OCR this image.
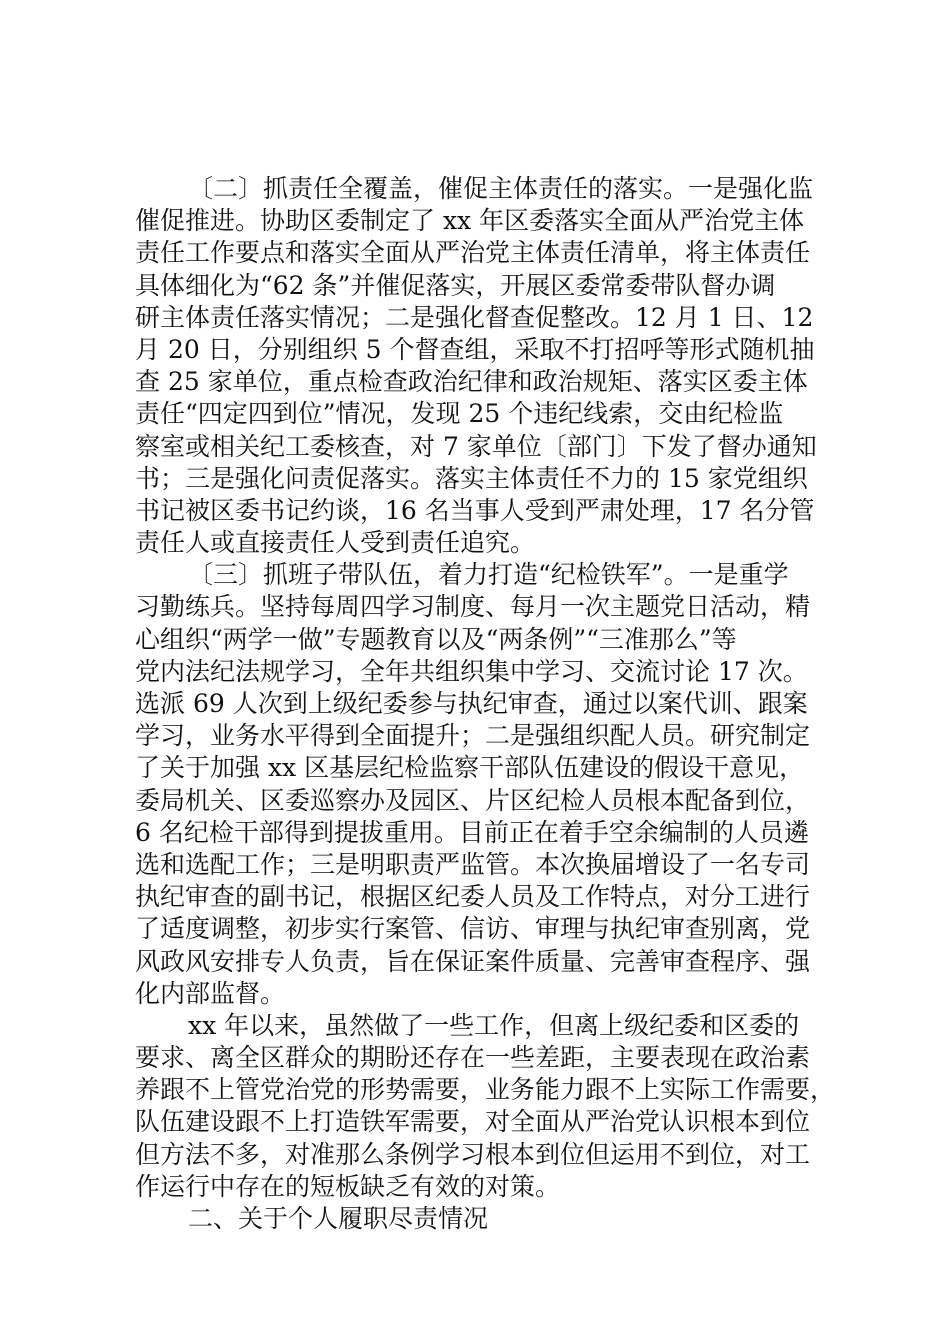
〔二〕抓责任全覆盖，催促主体责任的落实。一是强化监
催促推进。协助区委制定了 xx 年区委落实全面从严治党主体
责任工作要点和落实全面从严治党主体责任清单，将主体责任
具体细化为“62 条”并催促落实，开展区委常委带队督办调
研主体责任落实情况；二是强化督查促整改。12 月 1 日、12
月 20 日，分别组织 5 个督查组，采取不打招呼等形式随机抽
查 25 家单位，重点检查政治纪律和政治规矩、落实区委主体
责任“四定四到位”情况，发现 25 个违纪线索，交由纪检监
察室或相关纪工委核查，对 7 家单位〔部门〕下发了督办通知
书；三是强化问责促落实。落实主体责任不力的 15 家党组织
书记被区委书记约谈，16 名当事人受到严肃处理，17 名分管
责任人或直接责任人受到责任追究。
〔三〕抓班子带队伍，着力打造“纪检铁军”。一是重学
习勤练兵。坚持每周四学习制度、每月一次主题党日活动，精
心组织“两学一做”专题教育以及“两条例”“三准那么”等
党内法纪法规学习，全年共组织集中学习、交流讨论 17 次。
选派 69 人次到上级纪委参与执纪审查，通过以案代训、跟案
学习，业务水平得到全面提升；二是强组织配人员。研究制定
了关于加强 xx 区基层纪检监察干部队伍建设的假设干意见，
委局机关、区委巡察办及园区、片区纪检人员根本配备到位，
6 名纪检干部得到提拔重用。目前正在着手空余编制的人员遴
选和选配工作；三是明职责严监管。本次换届增设了一名专司
执纪审查的副书记，根据区纪委人员及工作特点，对分工进行
了适度调整，初步实行案管、信访、审理与执纪审查别离，党
风政风安排专人负责，旨在保证案件质量、完善审查程序、强
化内部监督。
xx 年以来，虽然做了一些工作，但离上级纪委和区委的
要求、离全区群众的期盼还存在一些差距，主要表现在政治素
养跟不上管党治党的形势需要，业务能力跟不上实际工作需要，
队伍建设跟不上打造铁军需要，对全面从严治党认识根本到位
但方法不多，对准那么条例学习根本到位但运用不到位，对工
作运行中存在的短板缺乏有效的对策。
二、关于个人履职尽责情况
